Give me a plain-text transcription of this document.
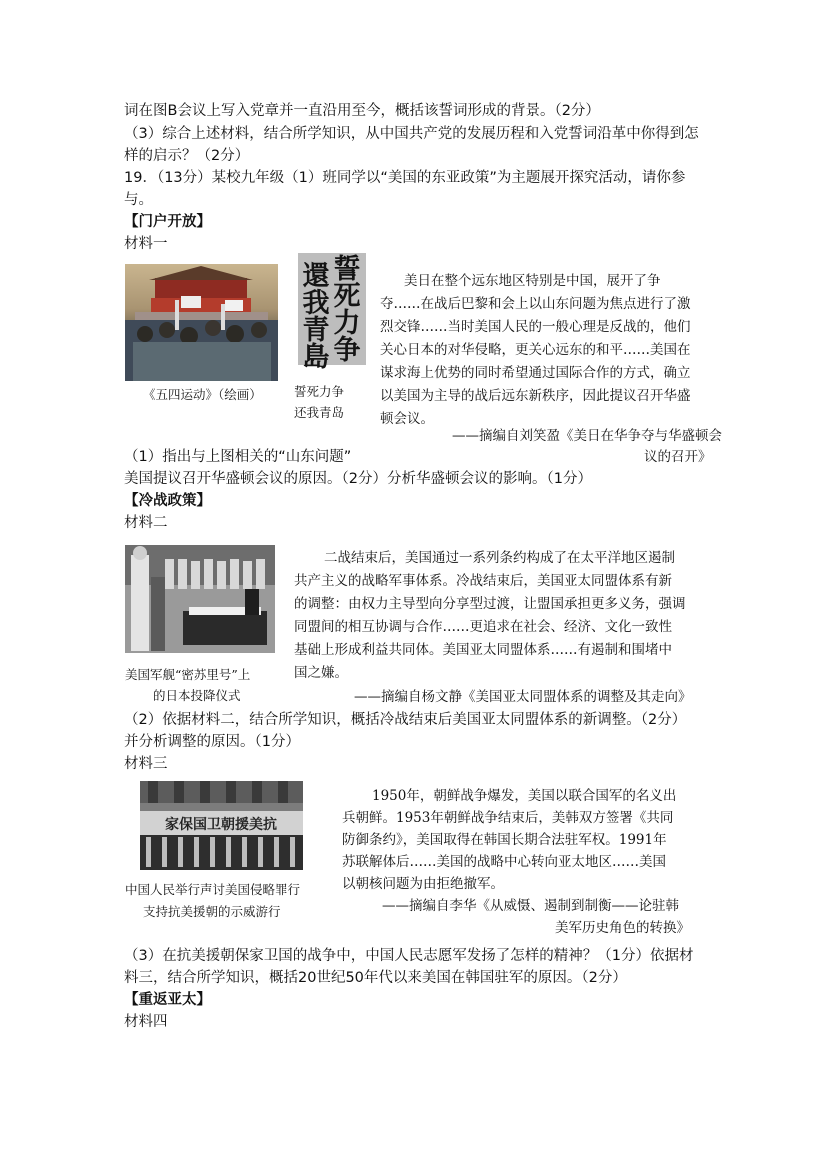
词在图B会议上写入党章并一直沿用至今，概括该誓词形成的背景。（2分）
（3）综合上述材料，结合所学知识，从中国共产党的发展历程和入党誓词沿革中你得到怎
样的启示？（2分）
19．（13分）某校九年级（1）班同学以“美国的东亚政策”为主题展开探究活动，请你参
与。
【门户开放】
材料一
《五四运动》（绘画）
誓
死
力
争
還
我
青
島
誓死力争
还我青岛
美日在整个远东地区特别是中国，展开了争
夺……在战后巴黎和会上以山东问题为焦点进行了激
烈交锋……当时美国人民的一般心理是反战的，他们
关心日本的对华侵略，更关心远东的和平……美国在
谋求海上优势的同时希望通过国际合作的方式，确立
以美国为主导的战后远东新秩序，因此提议召开华盛
顿会议。
——摘编自刘笑盈《美日在华争夺与华盛顿会
议的召开》
（1）指出与上图相关的“山东问题”
美国提议召开华盛顿会议的原因。（2分）分析华盛顿会议的影响。（1分）
【冷战政策】
材料二
美国军舰“密苏里号”上
的日本投降仪式
二战结束后，美国通过一系列条约构成了在太平洋地区遏制
共产主义的战略军事体系。冷战结束后，美国亚太同盟体系有新
的调整：由权力主导型向分享型过渡，让盟国承担更多义务，强调
同盟间的相互协调与合作……更追求在社会、经济、文化一致性
基础上形成利益共同体。美国亚太同盟体系……有遏制和围堵中
国之嫌。
——摘编自杨文静《美国亚太同盟体系的调整及其走向》
（2）依据材料二，结合所学知识，概括冷战结束后美国亚太同盟体系的新调整。（2分）
并分析调整的原因。（1分）
材料三
家保国卫朝援美抗
中国人民举行声讨美国侵略罪行
支持抗美援朝的示威游行
1950年，朝鲜战争爆发，美国以联合国军的名义出
兵朝鲜。1953年朝鲜战争结束后，美韩双方签署《共同
防御条约》，美国取得在韩国长期合法驻军权。1991年
苏联解体后……美国的战略中心转向亚太地区……美国
以朝核问题为由拒绝撤军。
——摘编自李华《从威慑、遏制到制衡——论驻韩
美军历史角色的转换》
（3）在抗美援朝保家卫国的战争中，中国人民志愿军发扬了怎样的精神？（1分）依据材
料三，结合所学知识，概括20世纪50年代以来美国在韩国驻军的原因。（2分）
【重返亚太】
材料四
